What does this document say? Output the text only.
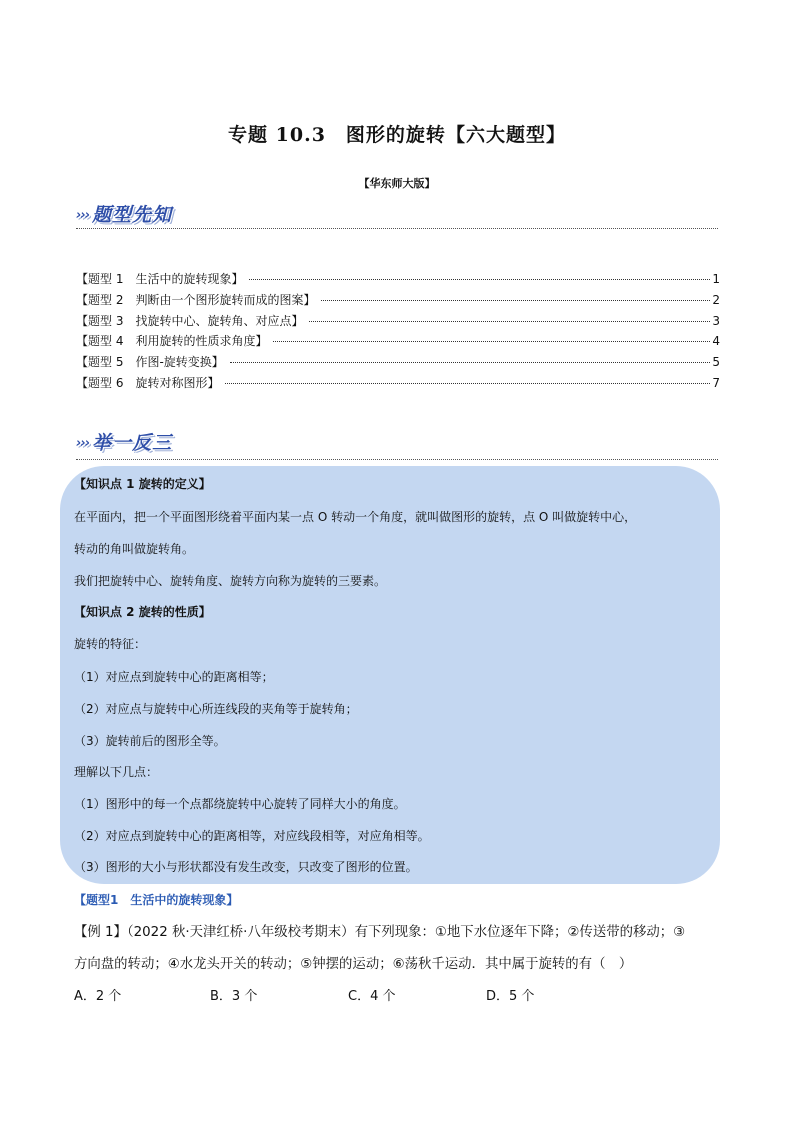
专题 10.3　图形的旋转【六大题型】
【华东师大版】
››› 题型先知
【题型 1　生活中的旋转现象】	1
【题型 2　判断由一个图形旋转而成的图案】	2
【题型 3　找旋转中心、旋转角、对应点】	3
【题型 4　利用旋转的性质求角度】	4
【题型 5　作图-旋转变换】	5
【题型 6　旋转对称图形】	7
››› 举一反三
【知识点 1 旋转的定义】
在平面内，把一个平面图形绕着平面内某一点 O 转动一个角度，就叫做图形的旋转，点 O 叫做旋转中心，
转动的角叫做旋转角。
我们把旋转中心、旋转角度、旋转方向称为旋转的三要素。
【知识点 2 旋转的性质】
旋转的特征：
（1）对应点到旋转中心的距离相等；
（2）对应点与旋转中心所连线段的夹角等于旋转角；
（3）旋转前后的图形全等。
理解以下几点：
（1）图形中的每一个点都绕旋转中心旋转了同样大小的角度。
（2）对应点到旋转中心的距离相等，对应线段相等，对应角相等。
（3）图形的大小与形状都没有发生改变，只改变了图形的位置。
【题型1　生活中的旋转现象】
【例 1】（2022 秋·天津红桥·八年级校考期末）有下列现象：①地下水位逐年下降；②传送带的移动；③
方向盘的转动；④水龙头开关的转动；⑤钟摆的运动；⑥荡秋千运动．其中属于旋转的有（　）
A．2 个	B．3 个	C．4 个	D．5 个
